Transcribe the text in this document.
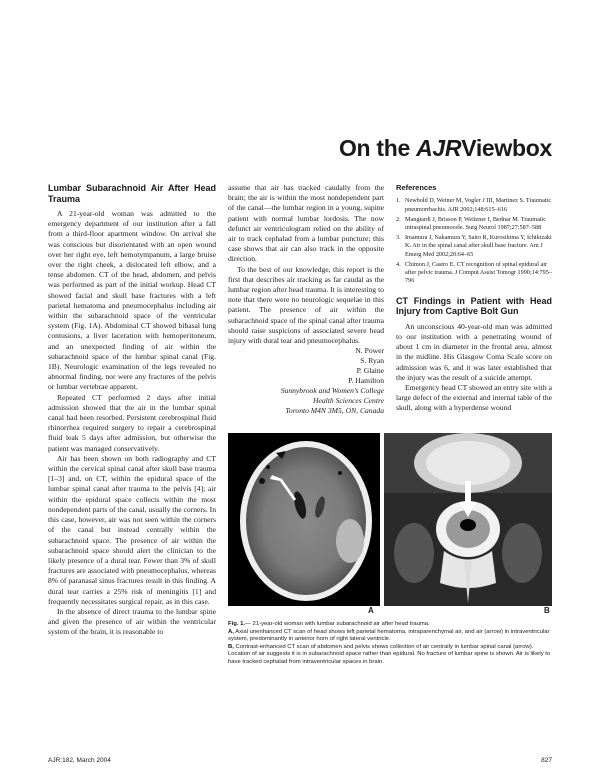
On the AJRViewbox
Lumbar Subarachnoid Air After Head Trauma

A 21-year-old woman was admitted to the emergency department of our institution after a fall from a third-floor apartment window. On arrival she was conscious but disorientated with an open wound over her right eye, left hemotympanum, a large bruise over the right cheek, a dislocated left elbow, and a tense abdomen. CT of the head, abdomen, and pelvis was performed as part of the initial workup. Head CT showed facial and skull base fractures with a left parietal hematoma and pneumocephalus including air within the subarachnoid space of the ventricular system (Fig. 1A). Abdominal CT showed bibasal lung contusions, a liver laceration with hemoperitoneum, and an unexpected finding of air within the subarachnoid space of the lumbar spinal canal (Fig. 1B). Neurologic examination of the legs revealed no abnormal finding, nor were any fractures of the pelvis or lumbar vertebrae apparent.

Repeated CT performed 2 days after initial admission showed that the air in the lumbar spinal canal had been resorbed. Persistent cerebrospinal fluid rhinorrhea required surgery to repair a cerebrospinal fluid leak 5 days after admission, but otherwise the patient was managed conservatively.

Air has been shown on both radiography and CT within the cervical spinal canal after skull base trauma [1–3] and, on CT, within the epidural space of the lumbar spinal canal after trauma to the pelvis [4]; air within the epidural space collects within the most nondependent parts of the canal, usually the corners. In this case, however, air was not seen within the corners of the canal but instead centrally within the subarachnoid space. The presence of air within the subarachnoid space should alert the clinician to the likely presence of a dural tear. Fewer than 3% of skull fractures are associated with pneumocephalus, whereas 8% of paranasal sinus fractures result in this finding. A dural tear carries a 25% risk of meningitis [1] and frequently necessitates surgical repair, as in this case.

In the absence of direct trauma to the lumbar spine and given the presence of air within the ventricular system of the brain, it is reasonable to

assume that air has tracked caudally from the brain; the air is within the most nondependent part of the canal—the lumbar region in a young, supine patient with normal lumbar lordosis. The now defunct air ventriculogram relied on the ability of air to track cephalad from a lumbar puncture; this case shows that air can also track in the opposite direction.

To the best of our knowledge, this report is the first that describes air tracking as far caudal as the lumbar region after head trauma. It is interesting to note that there were no neurologic sequelae in this patient. The presence of air within the subarachnoid space of the spinal canal after trauma should raise suspicions of associated severe head injury with dural tear and pneumocephalus.

N. Power
S. Ryan
P. Glaine
P. Hamilton
Sunnybrook and Women’s College
Health Sciences Centre
Toronto M4N 3M5, ON, Canada
References
1. Newbold D, Weiner M, Vogler J III, Martinez S. Traumatic pneumorrhachis. AJR 2002;148:615–616
2. Mangiardi J, Brisson P, Weitzner I, Bednar M. Traumatic intraspinal pneumocele. Surg Neurol 1987;27:587–588
3. Imamura J, Nakamura Y, Saito R, Kurosihima Y, Ichikizaki K. Air in the spinal canal after skull base fracture. Am J Emerg Med 2002;20:64–65
4. Chimon J, Castro E. CT recognition of spinal epidural air after pelvic trauma. J Comput Assist Tomogr 1990;14:795–796
CT Findings in Patient with Head Injury from Captive Bolt Gun

An unconscious 40-year-old man was admitted to our institution with a penetrating wound of about 1 cm in diameter in the frontal area, almost in the midline. His Glasgow Coma Scale score on admission was 6, and it was later established that the injury was the result of a suicide attempt.

Emergency head CT showed an entry site with a large defect of the external and internal table of the skull, along with a hyperdense wound

A	B

Fig. 1.— 21-year-old woman with lumbar subarachnoid air after head trauma.

A, Axial unenhanced CT scan of head shows left parietal hematoma, intraparenchymal air, and air (arrow) in intraventricular system, predominantly in anterior horn of right lateral ventricle.

B, Contrast-enhanced CT scan of abdomen and pelvis shows collection of air centrally in lumbar spinal canal (arrow). Location of air suggests it is in subarachnoid space rather than epidural. No fracture of lumbar spine is shown. Air is likely to have tracked cephalad from intraventricular spaces in brain.

AJR:182, March 2004	827
